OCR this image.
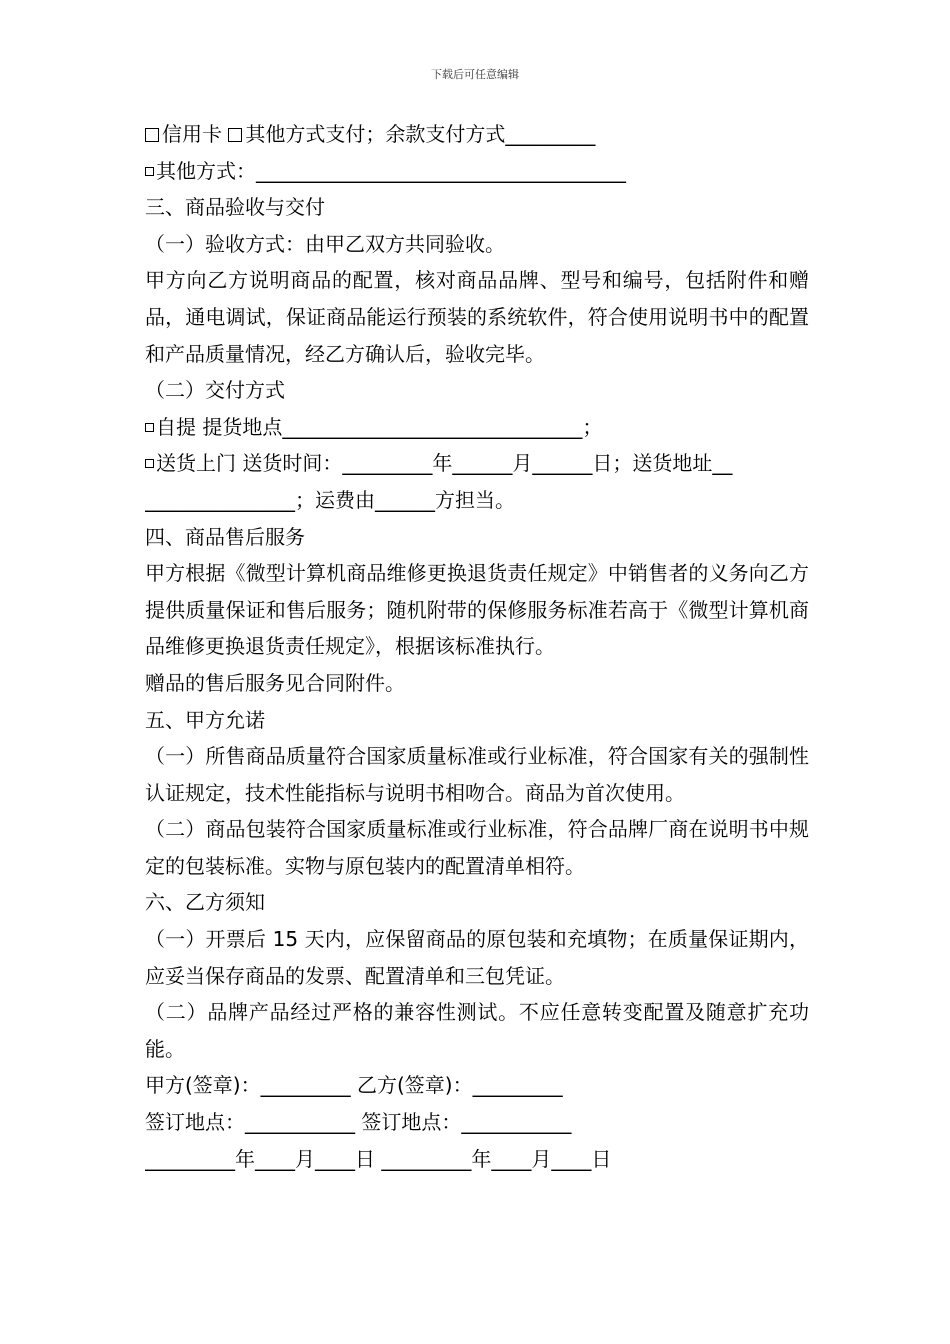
下载后可任意编辑
信用卡 其他方式支付；余款支付方式_________
其他方式：_____________________________________
三、商品验收与交付
（一）验收方式：由甲乙双方共同验收。
甲方向乙方说明商品的配置，核对商品品牌、型号和编号，包括附件和赠品，通电调试，保证商品能运行预装的系统软件，符合使用说明书中的配置和产品质量情况，经乙方确认后，验收完毕。
（二）交付方式
自提 提货地点______________________________；
送货上门 送货时间：_________年______月______日；送货地址__
_______________；运费由______方担当。
四、商品售后服务
甲方根据《微型计算机商品维修更换退货责任规定》中销售者的义务向乙方提供质量保证和售后服务；随机附带的保修服务标准若高于《微型计算机商品维修更换退货责任规定》，根据该标准执行。
赠品的售后服务见合同附件。
五、甲方允诺
（一）所售商品质量符合国家质量标准或行业标准，符合国家有关的强制性认证规定，技术性能指标与说明书相吻合。商品为首次使用。
（二）商品包装符合国家质量标准或行业标准，符合品牌厂商在说明书中规定的包装标准。实物与原包装内的配置清单相符。
六、乙方须知
（一）开票后 15 天内，应保留商品的原包装和充填物；在质量保证期内，应妥当保存商品的发票、配置清单和三包凭证。
（二）品牌产品经过严格的兼容性测试。不应任意转变配置及随意扩充功能。
甲方(签章)：_________ 乙方(签章)：_________
签订地点：___________ 签订地点：___________
_________年____月____日 _________年____月____日
